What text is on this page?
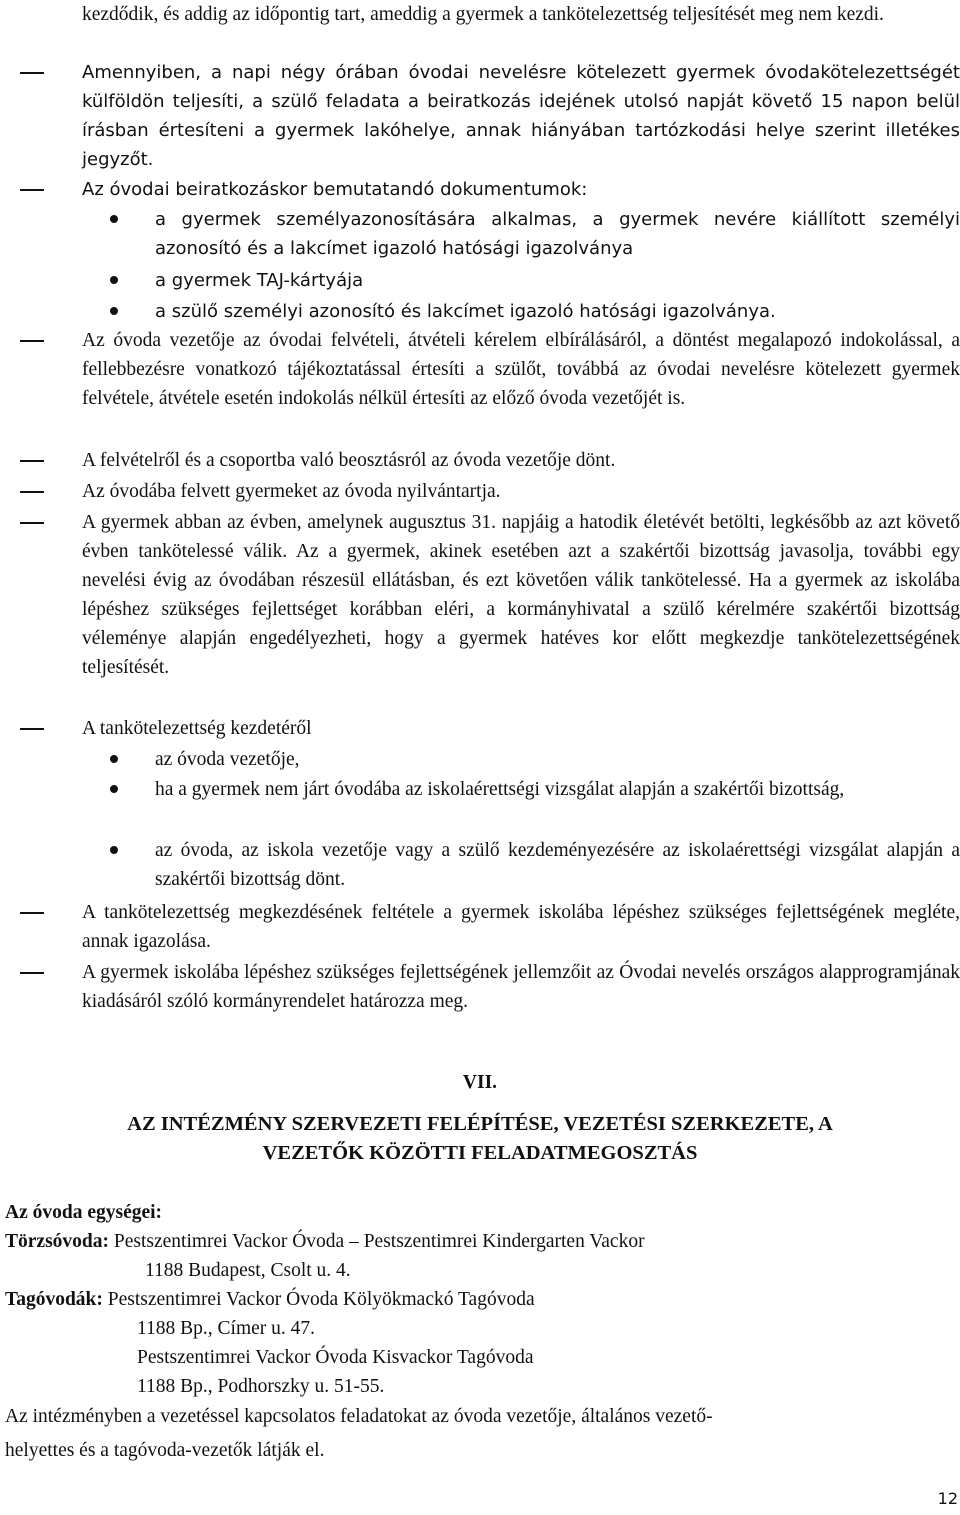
kezdődik, és addig az időpontig tart, ameddig a gyermek a tankötelezettség teljesítését meg nem kezdi.
Amennyiben, a napi négy órában óvodai nevelésre kötelezett gyermek óvodakötelezettségét külföldön teljesíti, a szülő feladata a beiratkozás idejének utolsó napját követő 15 napon belül írásban értesíteni a gyermek lakóhelye, annak hiányában tartózkodási helye szerint illetékes jegyzőt.
Az óvodai beiratkozáskor bemutatandó dokumentumok:
a gyermek személyazonosítására alkalmas, a gyermek nevére kiállított személyi azonosító és a lakcímet igazoló hatósági igazolványa
a gyermek TAJ-kártyája
a szülő személyi azonosító és lakcímet igazoló hatósági igazolványa.
Az óvoda vezetője az óvodai felvételi, átvételi kérelem elbírálásáról, a döntést megalapozó indokolással, a fellebbezésre vonatkozó tájékoztatással értesíti a szülőt, továbbá az óvodai nevelésre kötelezett gyermek felvétele, átvétele esetén indokolás nélkül értesíti az előző óvoda vezetőjét is.
A felvételről és a csoportba való beosztásról az óvoda vezetője dönt.
Az óvodába felvett gyermeket az óvoda nyilvántartja.
A gyermek abban az évben, amelynek augusztus 31. napjáig a hatodik életévét betölti, legkésőbb az azt követő évben tankötelessé válik. Az a gyermek, akinek esetében azt a szakértői bizottság javasolja, további egy nevelési évig az óvodában részesül ellátásban, és ezt követően válik tankötelessé. Ha a gyermek az iskolába lépéshez szükséges fejlettséget korábban eléri, a kormányhivatal a szülő kérelmére szakértői bizottság véleménye alapján engedélyezheti, hogy a gyermek hatéves kor előtt megkezdje tankötelezettségének teljesítését.
A tankötelezettség kezdetéről
az óvoda vezetője,
ha a gyermek nem járt óvodába az iskolaérettségi vizsgálat alapján a szakértői bizottság,
az óvoda, az iskola vezetője vagy a szülő kezdeményezésére az iskolaérettségi vizsgálat alapján a szakértői bizottság dönt.
A tankötelezettség megkezdésének feltétele a gyermek iskolába lépéshez szükséges fejlettségének megléte, annak igazolása.
A gyermek iskolába lépéshez szükséges fejlettségének jellemzőit az Óvodai nevelés országos alapprogramjának kiadásáról szóló kormányrendelet határozza meg.
VII.
AZ INTÉZMÉNY SZERVEZETI FELÉPÍTÉSE, VEZETÉSI SZERKEZETE, A
VEZETŐK KÖZÖTTI FELADATMEGOSZTÁS
Az óvoda egységei:
Törzsóvoda: Pestszentimrei Vackor Óvoda – Pestszentimrei Kindergarten Vackor
1188 Budapest, Csolt u. 4.
Tagóvodák: Pestszentimrei Vackor Óvoda Kölyökmackó Tagóvoda
1188 Bp., Címer u. 47.
Pestszentimrei Vackor Óvoda Kisvackor Tagóvoda
1188 Bp., Podhorszky u. 51-55.
Az intézményben a vezetéssel kapcsolatos feladatokat az óvoda vezetője, általános vezető-
helyettes és a tagóvoda-vezetők látják el.
12
